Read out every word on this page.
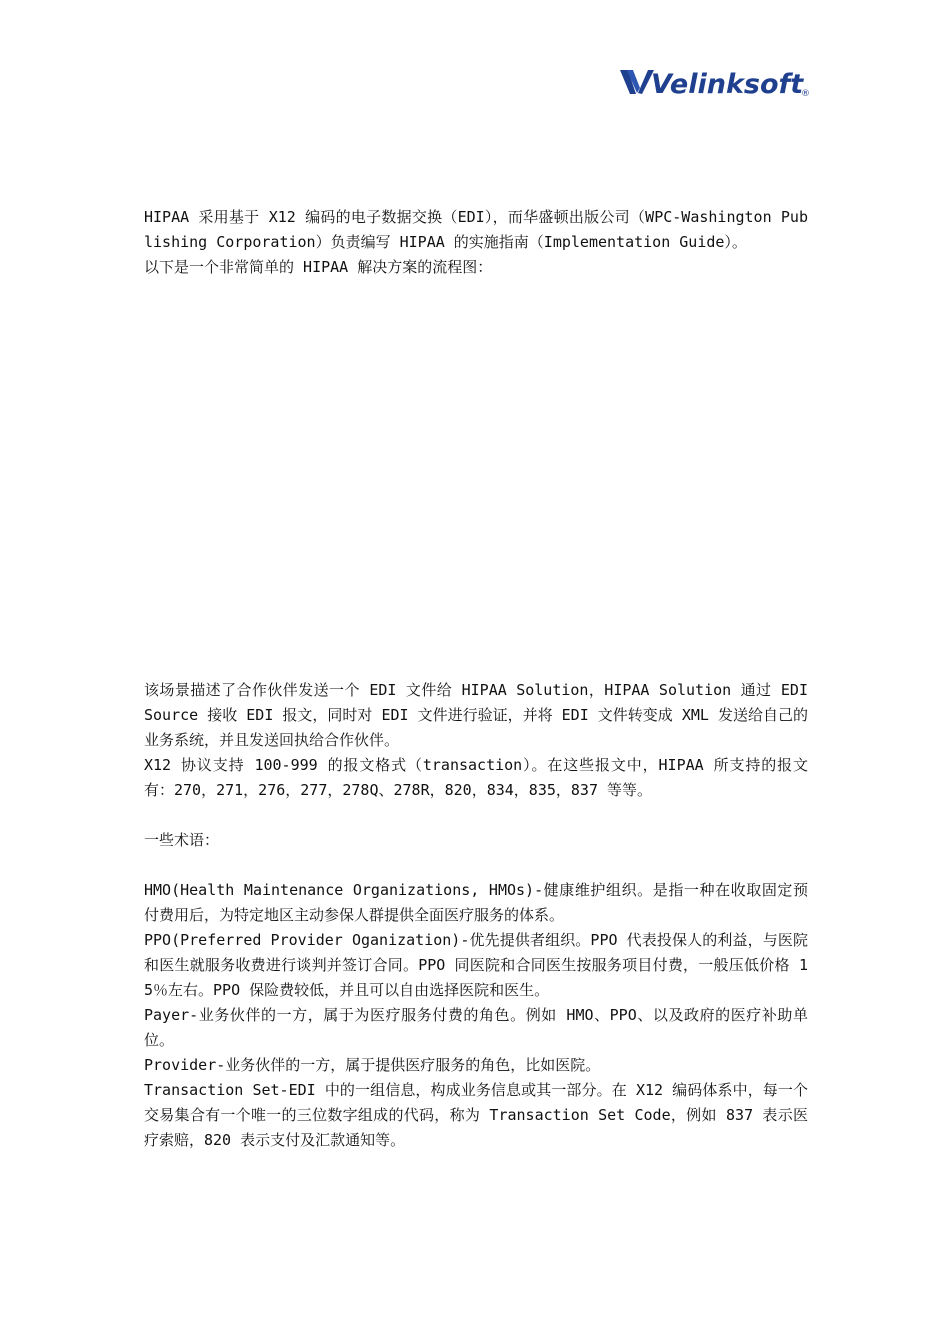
Velinksoft
®

HIPAA 采用基于 X12 编码的电子数据交换（EDI），而华盛顿出版公司（WPC-Washington Publishing Corporation）负责编写 HIPAA 的实施指南（Implementation Guide）。

以下是一个非常简单的 HIPAA 解决方案的流程图：

该场景描述了合作伙伴发送一个 EDI 文件给 HIPAA Solution，HIPAA Solution 通过 EDI Source 接收 EDI 报文，同时对 EDI 文件进行验证，并将 EDI 文件转变成 XML 发送给自己的业务系统，并且发送回执给合作伙伴。

X12 协议支持 100-999 的报文格式（transaction）。在这些报文中，HIPAA 所支持的报文有：270，271，276，277，278Q、278R，820，834，835，837 等等。

一些术语：

HMO(Health Maintenance Organizations, HMOs)-健康维护组织。是指一种在收取固定预付费用后，为特定地区主动参保人群提供全面医疗服务的体系。

PPO(Preferred Provider Oganization)-优先提供者组织。PPO 代表投保人的利益，与医院和医生就服务收费进行谈判并签订合同。PPO 同医院和合同医生按服务项目付费，一般压低价格 15％左右。PPO 保险费较低，并且可以自由选择医院和医生。

Payer-业务伙伴的一方，属于为医疗服务付费的角色。例如 HMO、PPO、以及政府的医疗补助单位。

Provider-业务伙伴的一方，属于提供医疗服务的角色，比如医院。

Transaction Set-EDI 中的一组信息，构成业务信息或其一部分。在 X12 编码体系中，每一个交易集合有一个唯一的三位数字组成的代码，称为 Transaction Set Code，例如 837 表示医疗索赔，820 表示支付及汇款通知等。
